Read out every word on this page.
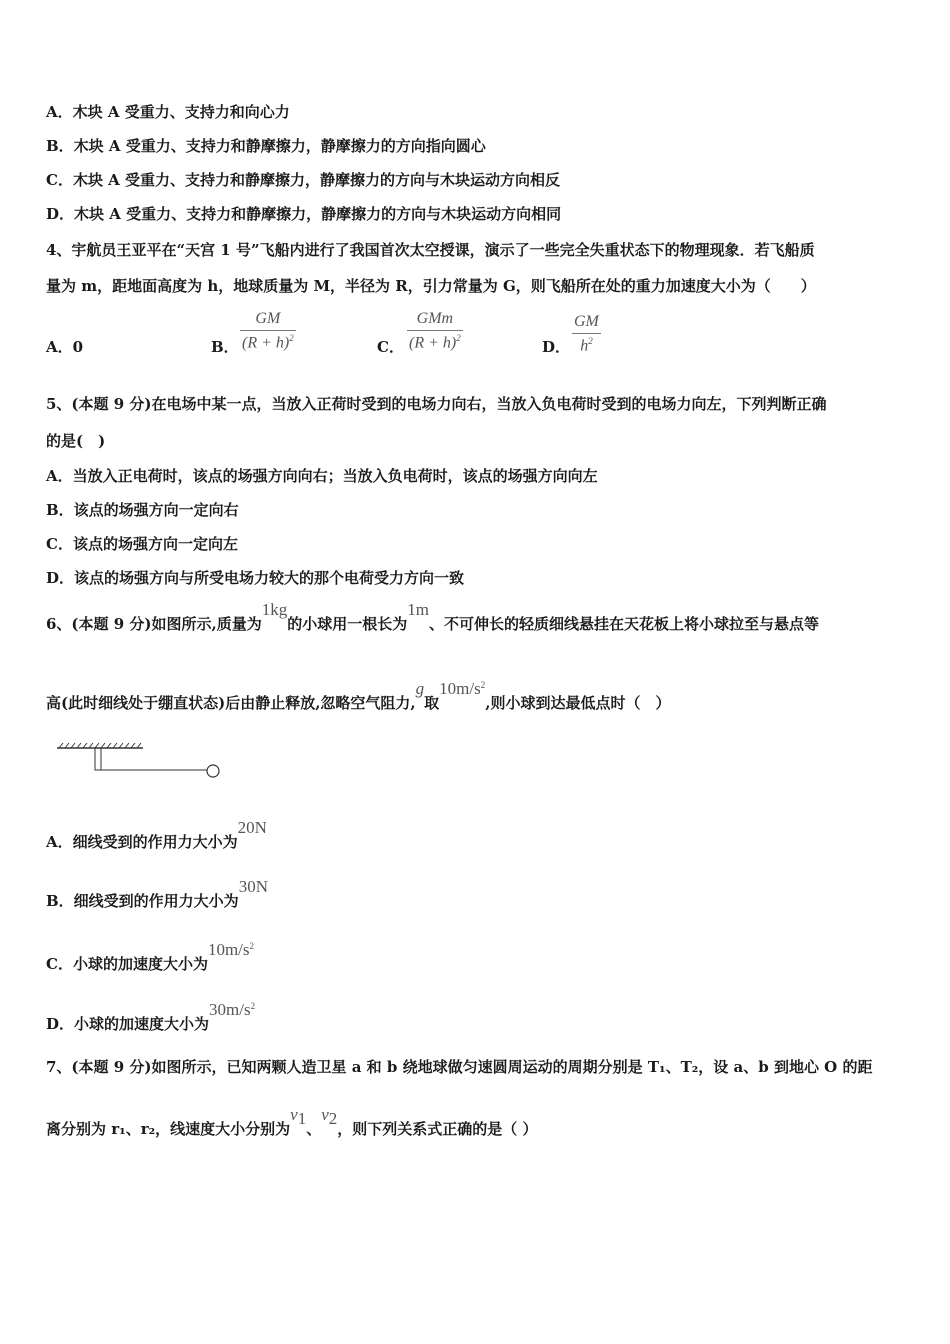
A．木块 A 受重力、支持力和向心力
B．木块 A 受重力、支持力和静摩擦力，静摩擦力的方向指向圆心
C．木块 A 受重力、支持力和静摩擦力，静摩擦力的方向与木块运动方向相反
D．木块 A 受重力、支持力和静摩擦力，静摩擦力的方向与木块运动方向相同
4、宇航员王亚平在“天宫 1 号”飞船内进行了我国首次太空授课，演示了一些完全失重状态下的物理现象．若飞船质
量为 m，距地面高度为 h，地球质量为 M，半径为 R，引力常量为 G，则飞船所在处的重力加速度大小为（　　）
A．0	B．
GM
$(R + h)^2$	C．
GMm
$(R + h)^2$	D．
GM
$h^2$
5、(本题 9 分)在电场中某一点，当放入正荷时受到的电场力向右，当放入负电荷时受到的电场力向左，下列判断正确
的是(　)
A．当放入正电荷时，该点的场强方向向右；当放入负电荷时，该点的场强方向向左
B．该点的场强方向一定向右
C．该点的场强方向一定向左
D．该点的场强方向与所受电场力较大的那个电荷受力方向一致
6、(本题 9 分)如图所示,质量为1kg的小球用一根长为1m、不可伸长的轻质细线悬挂在天花板上将小球拉至与悬点等
高(此时细线处于绷直状态)后由静止释放,忽略空气阻力,g取$10m/s^2$,则小球到达最低点时（　）
A．细线受到的作用力大小为20N
B．细线受到的作用力大小为30N
C．小球的加速度大小为$10m/s^2$
D．小球的加速度大小为$30m/s^2$
7、(本题 9 分)如图所示，已知两颗人造卫星 a 和 b 绕地球做匀速圆周运动的周期分别是 T₁、T₂，设 a、b 到地心 O 的距
离分别为 r₁、r₂，线速度大小分别为$v_1$、$v_2$，则下列关系式正确的是（ ）
